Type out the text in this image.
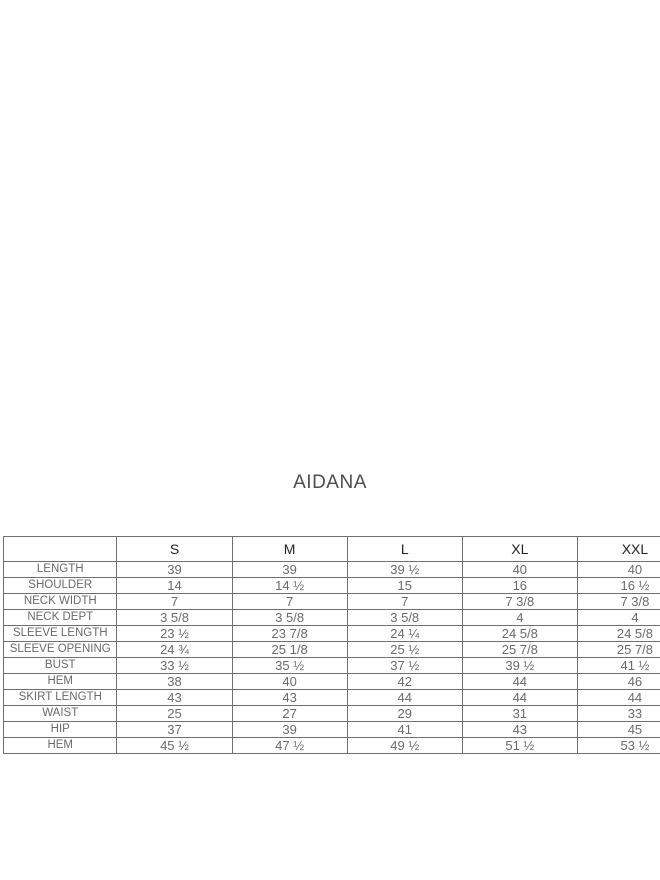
AIDANA
	S	M	L	XL	XXL
LENGTH	39	39	39 ½	40	40
SHOULDER	14	14 ½	15	16	16 ½
NECK WIDTH	7	7	7	7 3/8	7 3/8
NECK DEPT	3 5/8	3 5/8	3 5/8	4	4
SLEEVE LENGTH	23 ½	23 7/8	24 ¼	24 5/8	24 5/8
SLEEVE OPENING	24 ¾	25 1/8	25 ½	25 7/8	25 7/8
BUST	33 ½	35 ½	37 ½	39 ½	41 ½
HEM	38	40	42	44	46
SKIRT LENGTH	43	43	44	44	44
WAIST	25	27	29	31	33
HIP	37	39	41	43	45
HEM	45 ½	47 ½	49 ½	51 ½	53 ½
